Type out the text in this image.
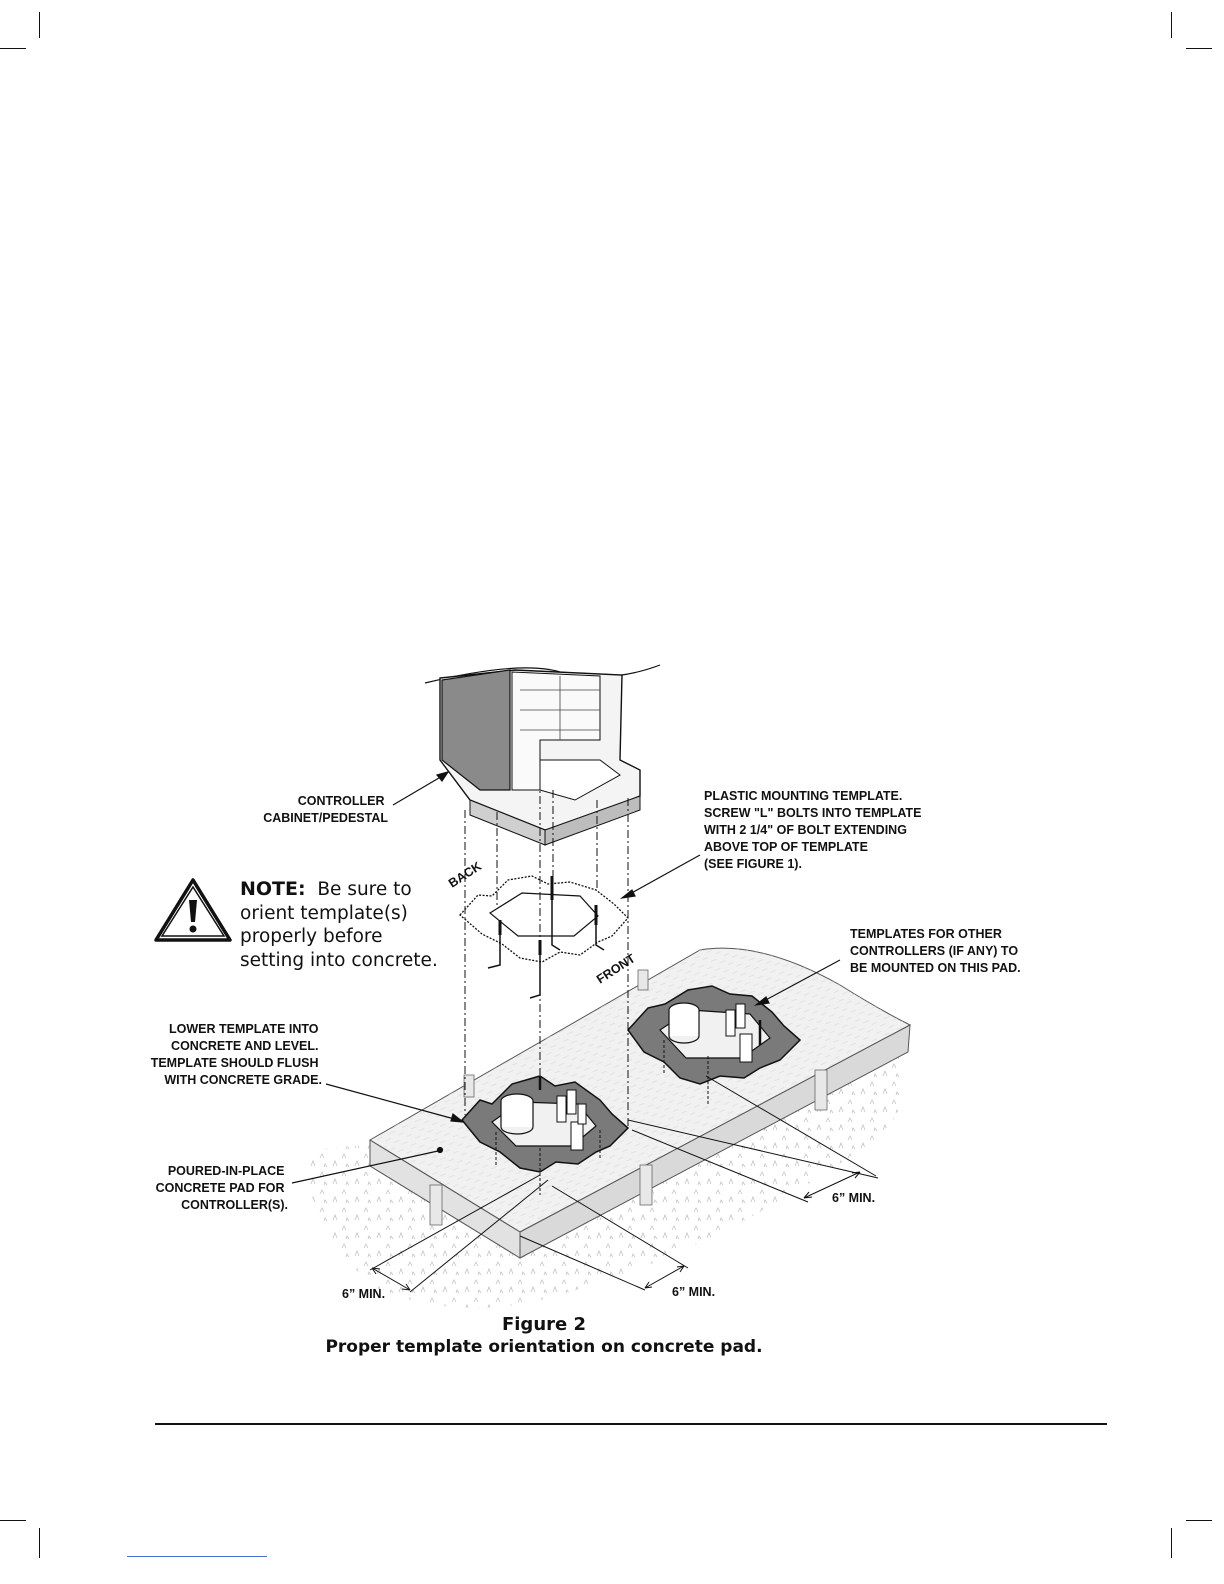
CONTROLLER CABINET/PEDESTAL
PLASTIC MOUNTING TEMPLATE. SCREW "L" BOLTS INTO TEMPLATE WITH 2 1/4" OF BOLT EXTENDING ABOVE TOP OF TEMPLATE (SEE FIGURE 1).
BACK
FRONT
TEMPLATES FOR OTHER CONTROLLERS (IF ANY) TO BE MOUNTED ON THIS PAD.
LOWER TEMPLATE INTO CONCRETE AND LEVEL. TEMPLATE SHOULD FLUSH WITH CONCRETE GRADE.
POURED-IN-PLACE CONCRETE PAD FOR CONTROLLER(S).	6” MIN.
6” MIN.	6” MIN.
NOTE: Be sure to orient template(s) properly before setting into concrete.
Figure 2
Proper template orientation on concrete pad.
